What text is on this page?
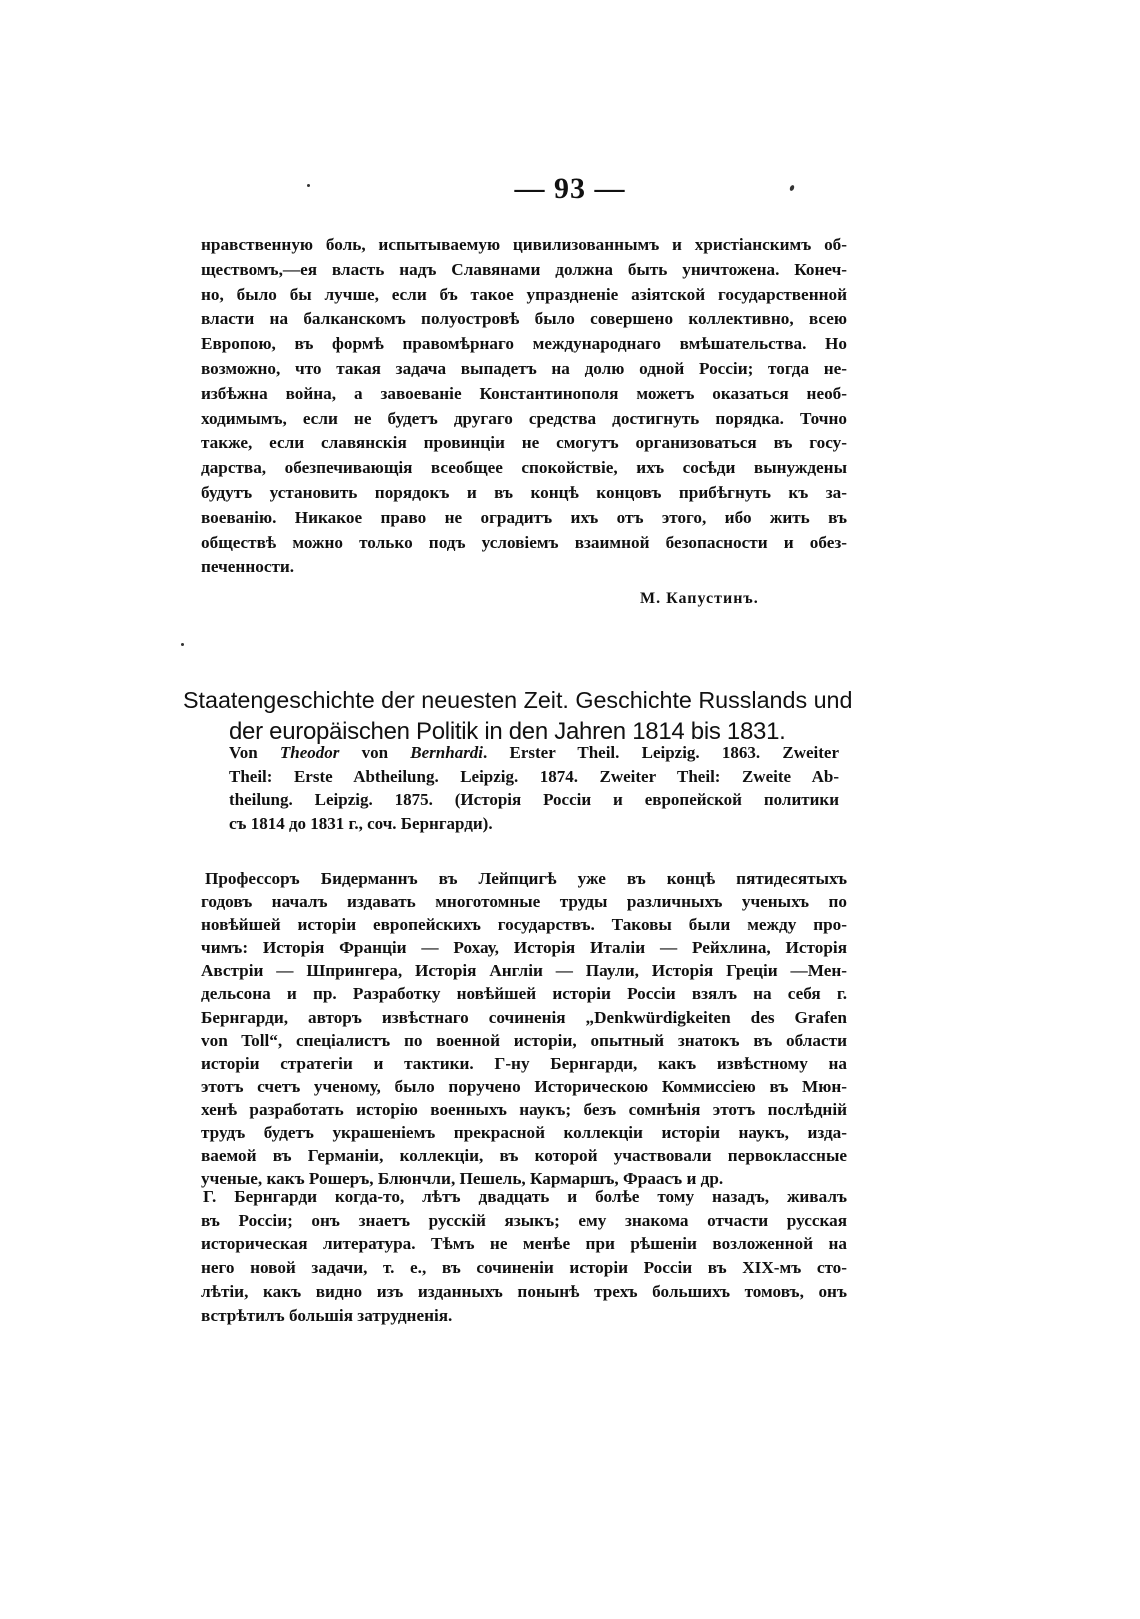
— 93 —
нравственную боль, испытываемую цивилизованнымъ и христіанскимъ об-
ществомъ,—ея власть надъ Славянами должна быть уничтожена. Конеч-
но, было бы лучше, если бъ такое упраздненіе азіятской государственной
власти на балканскомъ полуостровѣ было совершено коллективно, всею
Европою, въ формѣ правомѣрнаго международнаго вмѣшательства. Но
возможно, что такая задача выпадетъ на долю одной Россіи; тогда не-
избѣжна война, а завоеваніе Константинополя можетъ оказаться необ-
ходимымъ, если не будетъ другаго средства достигнуть порядка. Точно
также, если славянскія провинціи не смогутъ организоваться въ госу-
дарства, обезпечивающія всеобщее спокойствіе, ихъ сосѣди вынуждены
будутъ установить порядокъ и въ концѣ концовъ прибѣгнуть къ за-
воеванію. Никакое право не оградитъ ихъ отъ этого, ибо жить въ
обществѣ можно только подъ условіемъ взаимной безопасности и обез-
печенности.
М. Капустинъ.
Staatengeschichte der neuesten Zeit. Geschichte Russlands und
der europäischen Politik in den Jahren 1814 bis 1831.
Von Theodor von Bernhardi. Erster Theil. Leipzig. 1863. Zweiter
Theil: Erste Abtheilung. Leipzig. 1874. Zweiter Theil: Zweite Ab-
theilung. Leipzig. 1875. (Исторія Россіи и европейской политики
съ 1814 до 1831 г., соч. Бернгарди).
Профессоръ Бидерманнъ въ Лейпцигѣ уже въ концѣ пятидесятыхъ
годовъ началъ издавать многотомные труды различныхъ ученыхъ по
новѣйшей исторіи европейскихъ государствъ. Таковы были между про-
чимъ: Исторія Франціи — Рохау, Исторія Италіи — Рейхлина, Исторія
Австріи — Шпрингера, Исторія Англіи — Паули, Исторія Греціи —Мен-
дельсона и пр. Разработку новѣйшей исторіи Россіи взялъ на себя г.
Бернгарди, авторъ извѣстнаго сочиненія „Denkwürdigkeiten des Grafen
von Toll“, спеціалистъ по военной исторіи, опытный знатокъ въ области
исторіи стратегіи и тактики. Г-ну Бернгарди, какъ извѣстному на
этотъ счетъ ученому, было поручено Историческою Коммиссіею въ Мюн-
хенѣ разработать исторію военныхъ наукъ; безъ сомнѣнія этотъ послѣдній
трудъ будетъ украшеніемъ прекрасной коллекціи исторіи наукъ, изда-
ваемой въ Германіи, коллекціи, въ которой участвовали первоклассные
ученые, какъ Рошеръ, Блюнчли, Пешель, Кармаршъ, Фраасъ и др.
Г. Бернгарди когда-то, лѣтъ двадцать и болѣе тому назадъ, живалъ
въ Россіи; онъ знаетъ русскій языкъ; ему знакома отчасти русская
историческая литература. Тѣмъ не менѣе при рѣшеніи возложенной на
него новой задачи, т. е., въ сочиненіи исторіи Россіи въ XIX-мъ сто-
лѣтіи, какъ видно изъ изданныхъ понынѣ трехъ большихъ томовъ, онъ
встрѣтилъ большія затрудненія.
